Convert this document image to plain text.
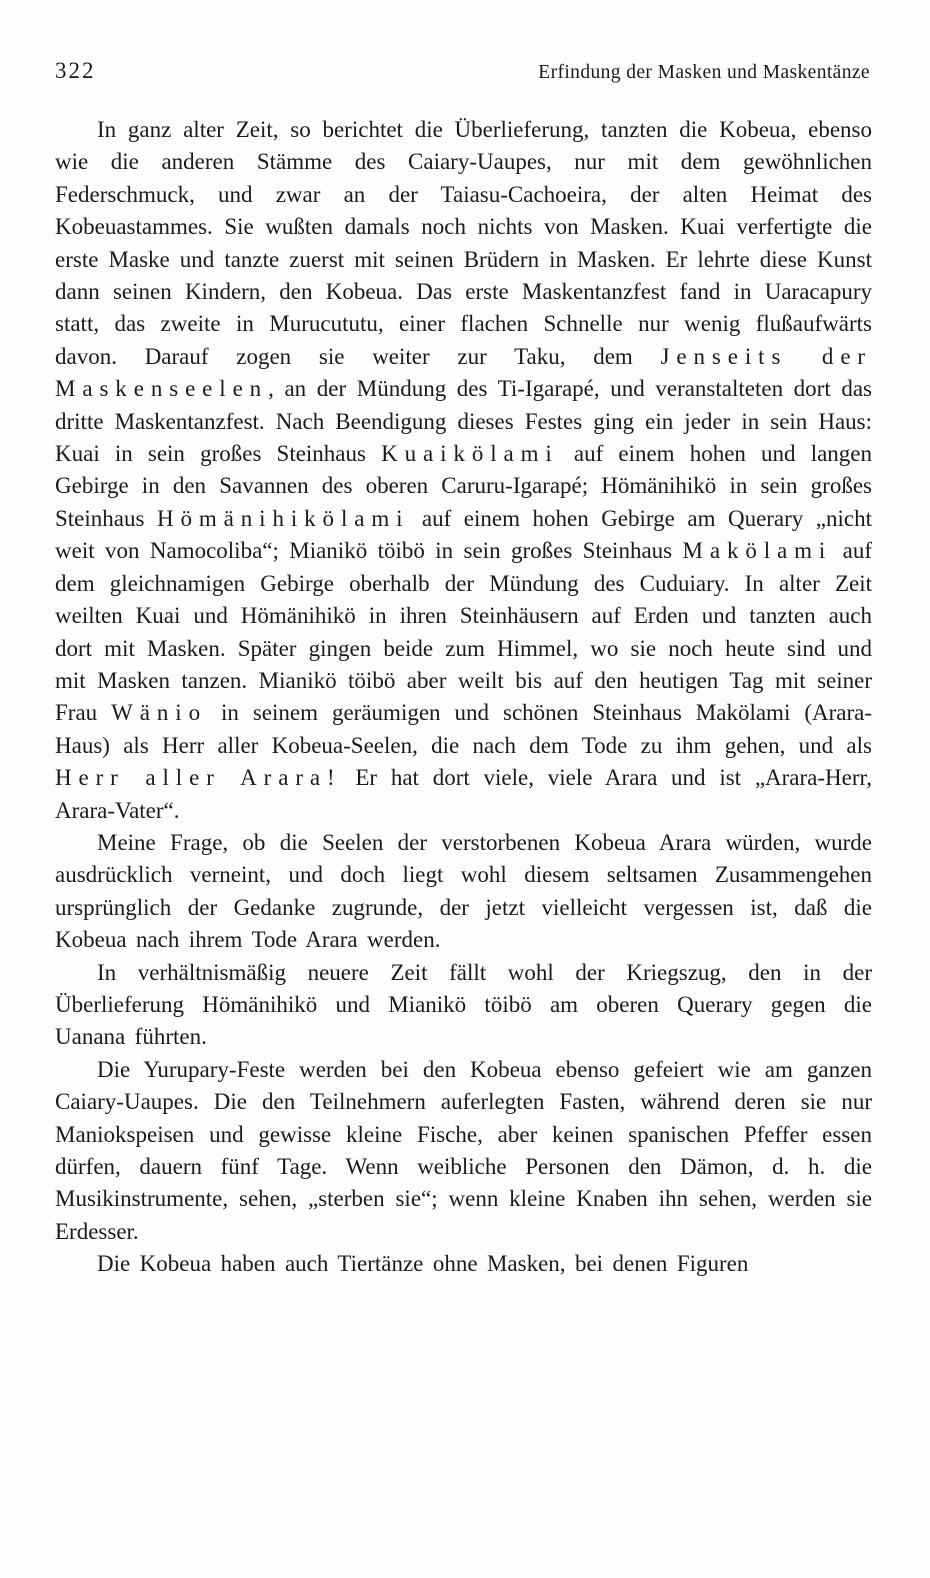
322	Erfindung der Masken und Maskentänze

In ganz alter Zeit, so berichtet die Überlieferung, tanzten die Kobeua, ebenso wie die anderen Stämme des Caiary-Uaupes, nur mit dem gewöhnlichen Federschmuck, und zwar an der Taiasu-Cachoeira, der alten Heimat des Kobeuastammes. Sie wußten damals noch nichts von Masken. Kuai verfertigte die erste Maske und tanzte zuerst mit seinen Brüdern in Masken. Er lehrte diese Kunst dann seinen Kindern, den Kobeua. Das erste Maskentanzfest fand in Uaracapury statt, das zweite in Murucututu, einer flachen Schnelle nur wenig flußaufwärts davon. Darauf zogen sie weiter zur Taku, dem Jenseits der Maskenseelen, an der Mündung des Ti-Igarapé, und veranstalteten dort das dritte Maskentanzfest. Nach Beendigung dieses Festes ging ein jeder in sein Haus: Kuai in sein großes Steinhaus Kuaikölami auf einem hohen und langen Gebirge in den Savannen des oberen Caruru-Igarapé; Hömänihikö in sein großes Steinhaus Hömänihikölami auf einem hohen Gebirge am Querary „nicht weit von Namocoliba“; Mianikö töibö in sein großes Steinhaus Makölami auf dem gleichnamigen Gebirge oberhalb der Mündung des Cuduiary. In alter Zeit weilten Kuai und Hömänihikö in ihren Steinhäusern auf Erden und tanzten auch dort mit Masken. Später gingen beide zum Himmel, wo sie noch heute sind und mit Masken tanzen. Mianikö töibö aber weilt bis auf den heutigen Tag mit seiner Frau Wänio in seinem geräumigen und schönen Steinhaus Makölami (Arara-Haus) als Herr aller Kobeua-Seelen, die nach dem Tode zu ihm gehen, und als Herr aller Arara! Er hat dort viele, viele Arara und ist „Arara-Herr, Arara-Vater“.

Meine Frage, ob die Seelen der verstorbenen Kobeua Arara würden, wurde ausdrücklich verneint, und doch liegt wohl diesem seltsamen Zusammengehen ursprünglich der Gedanke zugrunde, der jetzt vielleicht vergessen ist, daß die Kobeua nach ihrem Tode Arara werden.

In verhältnismäßig neuere Zeit fällt wohl der Kriegszug, den in der Überlieferung Hömänihikö und Mianikö töibö am oberen Querary gegen die Uanana führten.

Die Yurupary-Feste werden bei den Kobeua ebenso gefeiert wie am ganzen Caiary-Uaupes. Die den Teilnehmern auferlegten Fasten, während deren sie nur Maniokspeisen und gewisse kleine Fische, aber keinen spanischen Pfeffer essen dürfen, dauern fünf Tage. Wenn weibliche Personen den Dämon, d. h. die Musikinstrumente, sehen, „sterben sie“; wenn kleine Knaben ihn sehen, werden sie Erdesser.

Die Kobeua haben auch Tiertänze ohne Masken, bei denen Figuren
